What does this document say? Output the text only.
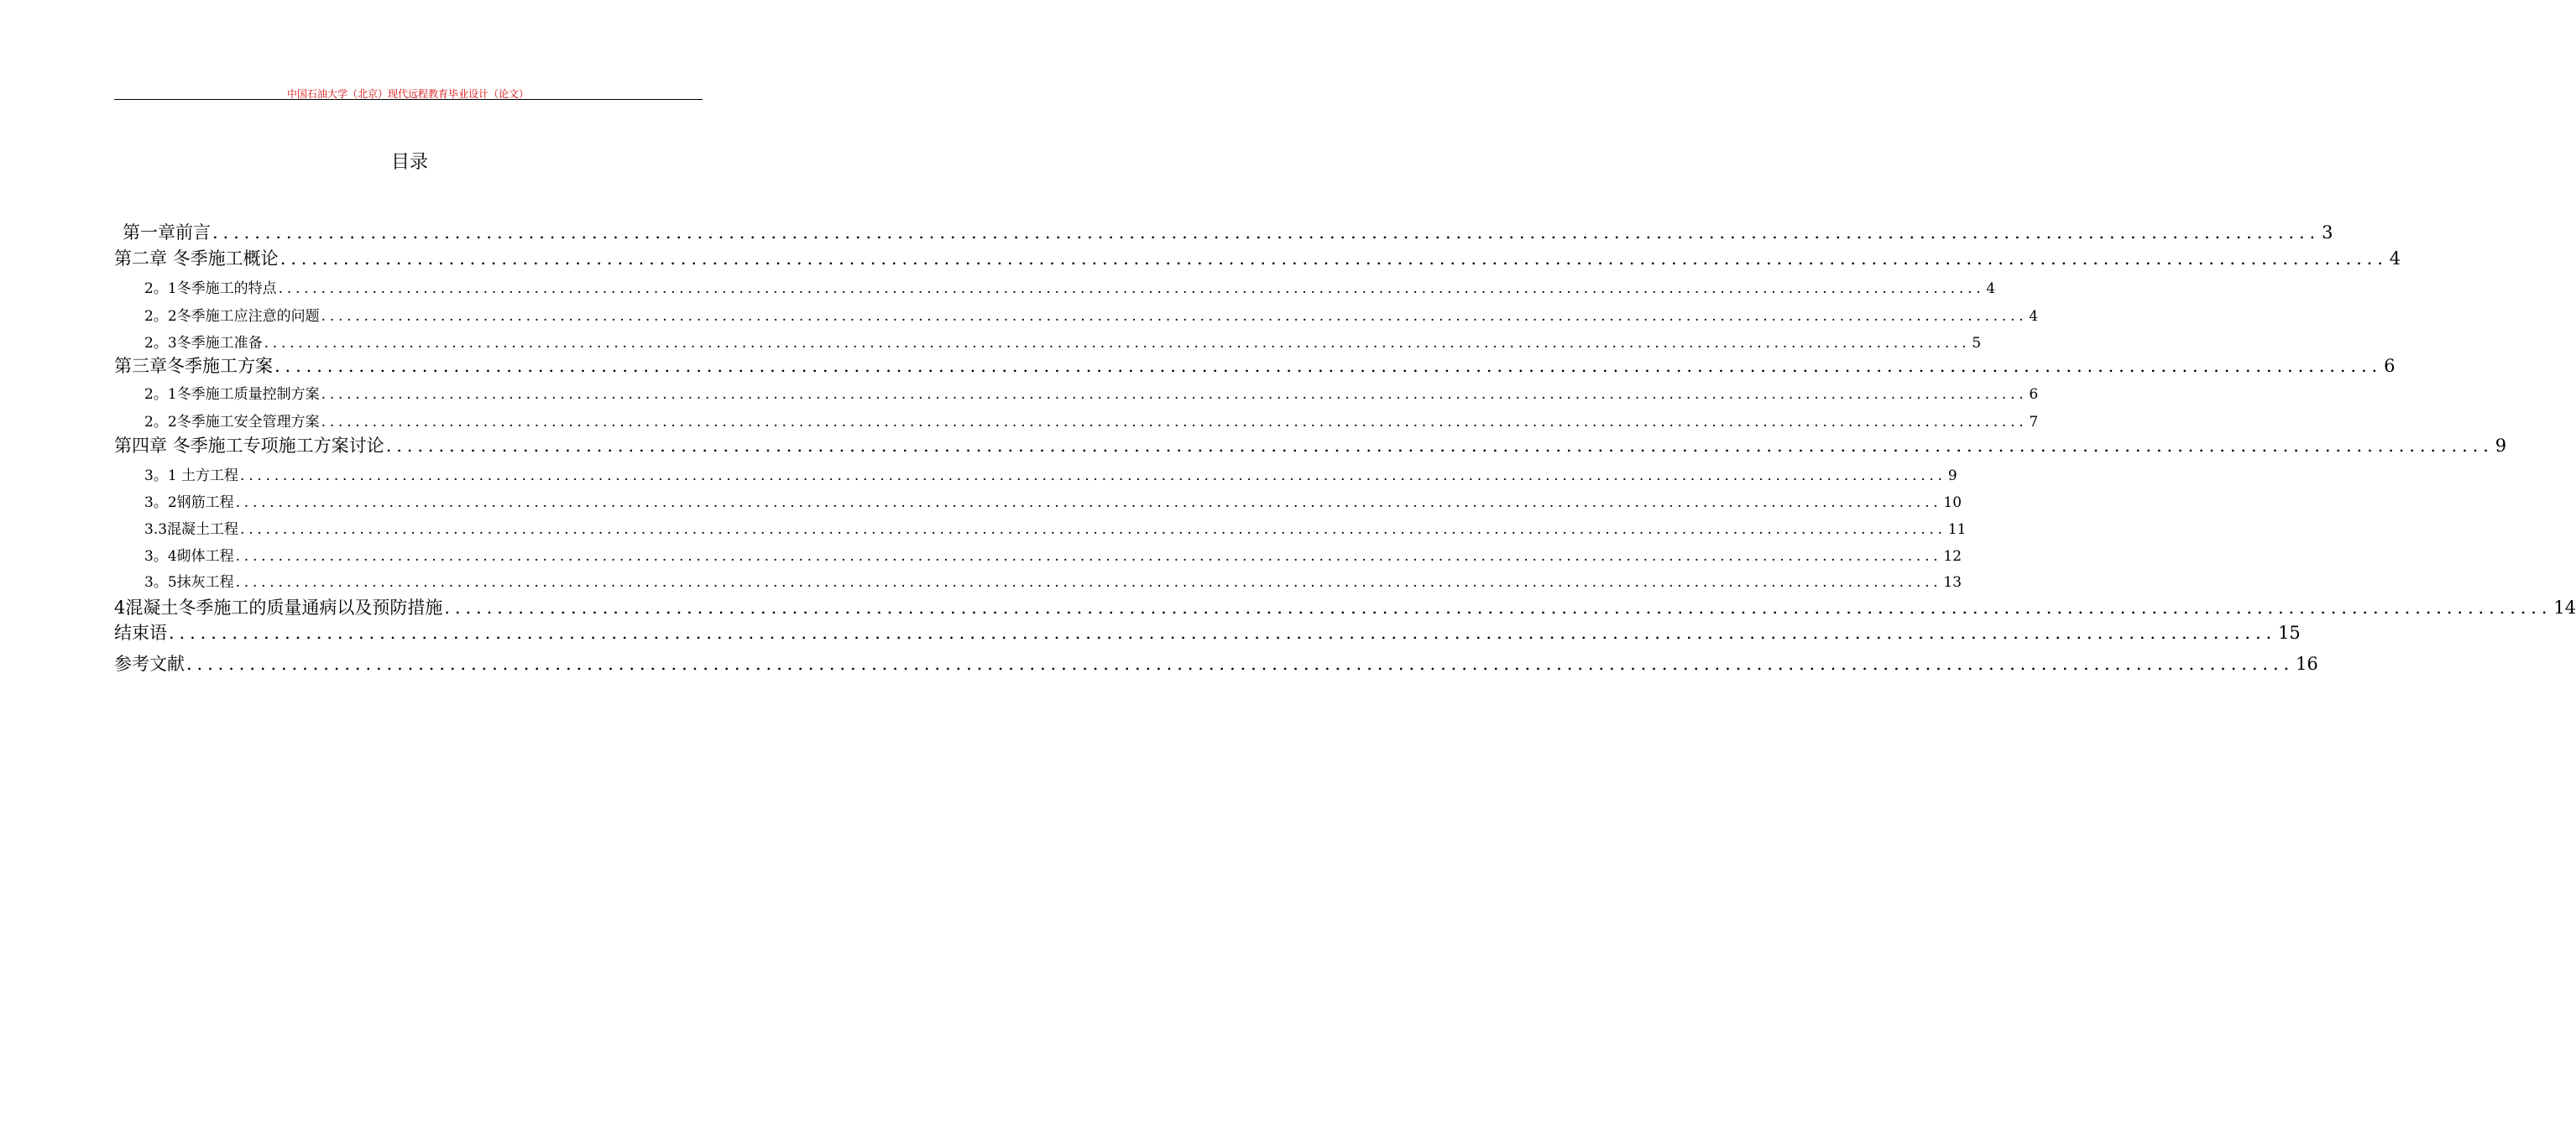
中国石油大学（北京）现代远程教育毕业设计（论文）
目录
第一章前言 ........................................................................................................................................................................................................ 3
第二章 冬季施工概论 ........................................................................................................................................................................................................ 4
2。1冬季施工的特点 ........................................................................................................................................................................................................ 4
2。2冬季施工应注意的问题 ........................................................................................................................................................................................................ 4
2。3冬季施工准备 ........................................................................................................................................................................................................ 5
第三章冬季施工方案 ........................................................................................................................................................................................................ 6
2。1冬季施工质量控制方案 ........................................................................................................................................................................................................ 6
2。2冬季施工安全管理方案 ........................................................................................................................................................................................................ 7
第四章 冬季施工专项施工方案讨论 ........................................................................................................................................................................................................ 9
3。1 土方工程 ........................................................................................................................................................................................................ 9
3。2钢筋工程 ........................................................................................................................................................................................................ 10
3.3混凝土工程 ........................................................................................................................................................................................................ 11
3。4砌体工程 ........................................................................................................................................................................................................ 12
3。5抹灰工程 ........................................................................................................................................................................................................ 13
4混凝土冬季施工的质量通病以及预防措施 ........................................................................................................................................................................................................ 14
结束语 ........................................................................................................................................................................................................ 15
参考文献 ........................................................................................................................................................................................................ 16
